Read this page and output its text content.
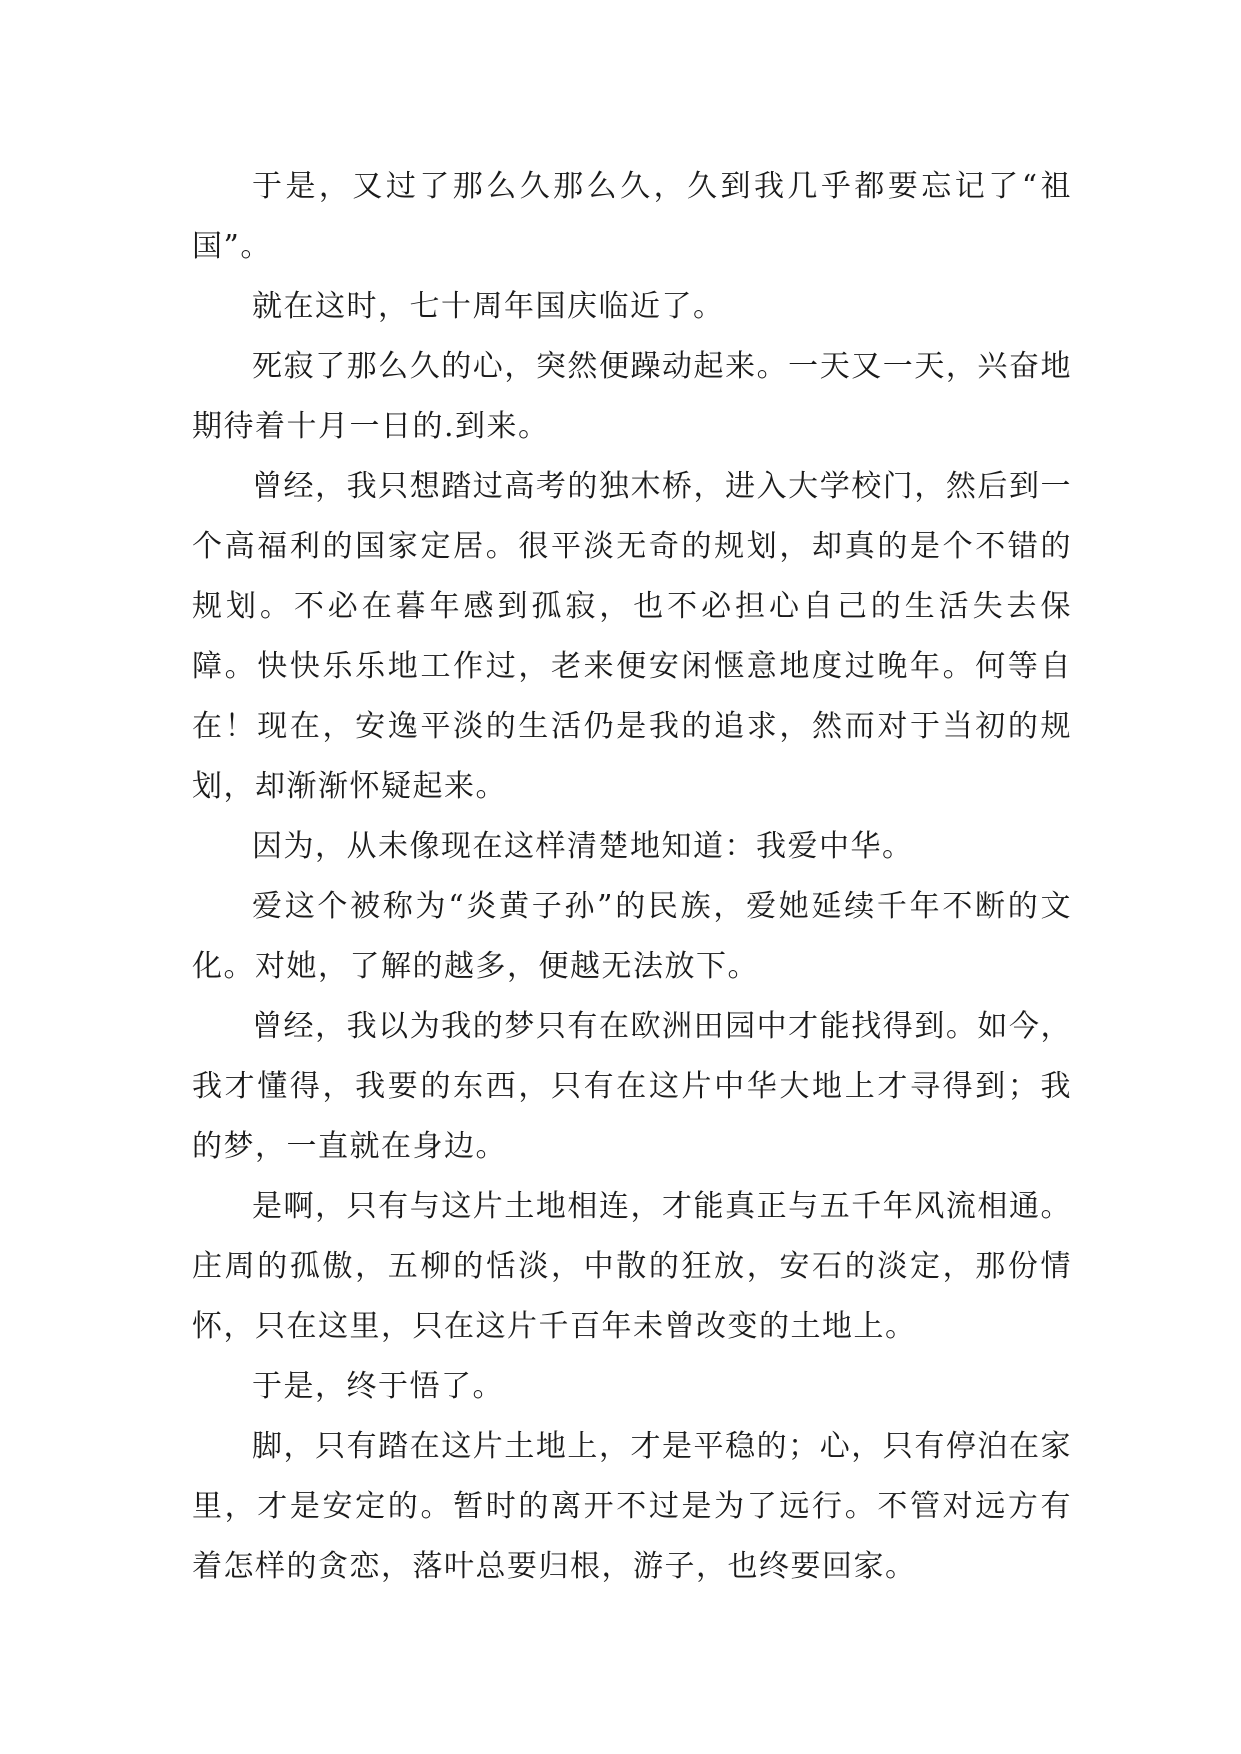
于是，又过了那么久那么久，久到我几乎都要忘记了“祖国”。

就在这时，七十周年国庆临近了。

死寂了那么久的心，突然便躁动起来。一天又一天，兴奋地期待着十月一日的.到来。

曾经，我只想踏过高考的独木桥，进入大学校门，然后到一个高福利的国家定居。很平淡无奇的规划，却真的是个不错的规划。不必在暮年感到孤寂，也不必担心自己的生活失去保障。快快乐乐地工作过，老来便安闲惬意地度过晚年。何等自在！现在，安逸平淡的生活仍是我的追求，然而对于当初的规划，却渐渐怀疑起来。

因为，从未像现在这样清楚地知道：我爱中华。

爱这个被称为“炎黄子孙”的民族，爱她延续千年不断的文化。对她，了解的越多，便越无法放下。

曾经，我以为我的梦只有在欧洲田园中才能找得到。如今，我才懂得，我要的东西，只有在这片中华大地上才寻得到；我的梦，一直就在身边。

是啊，只有与这片土地相连，才能真正与五千年风流相通。庄周的孤傲，五柳的恬淡，中散的狂放，安石的淡定，那份情怀，只在这里，只在这片千百年未曾改变的土地上。

于是，终于悟了。

脚，只有踏在这片土地上，才是平稳的；心，只有停泊在家里，才是安定的。暂时的离开不过是为了远行。不管对远方有着怎样的贪恋，落叶总要归根，游子，也终要回家。
